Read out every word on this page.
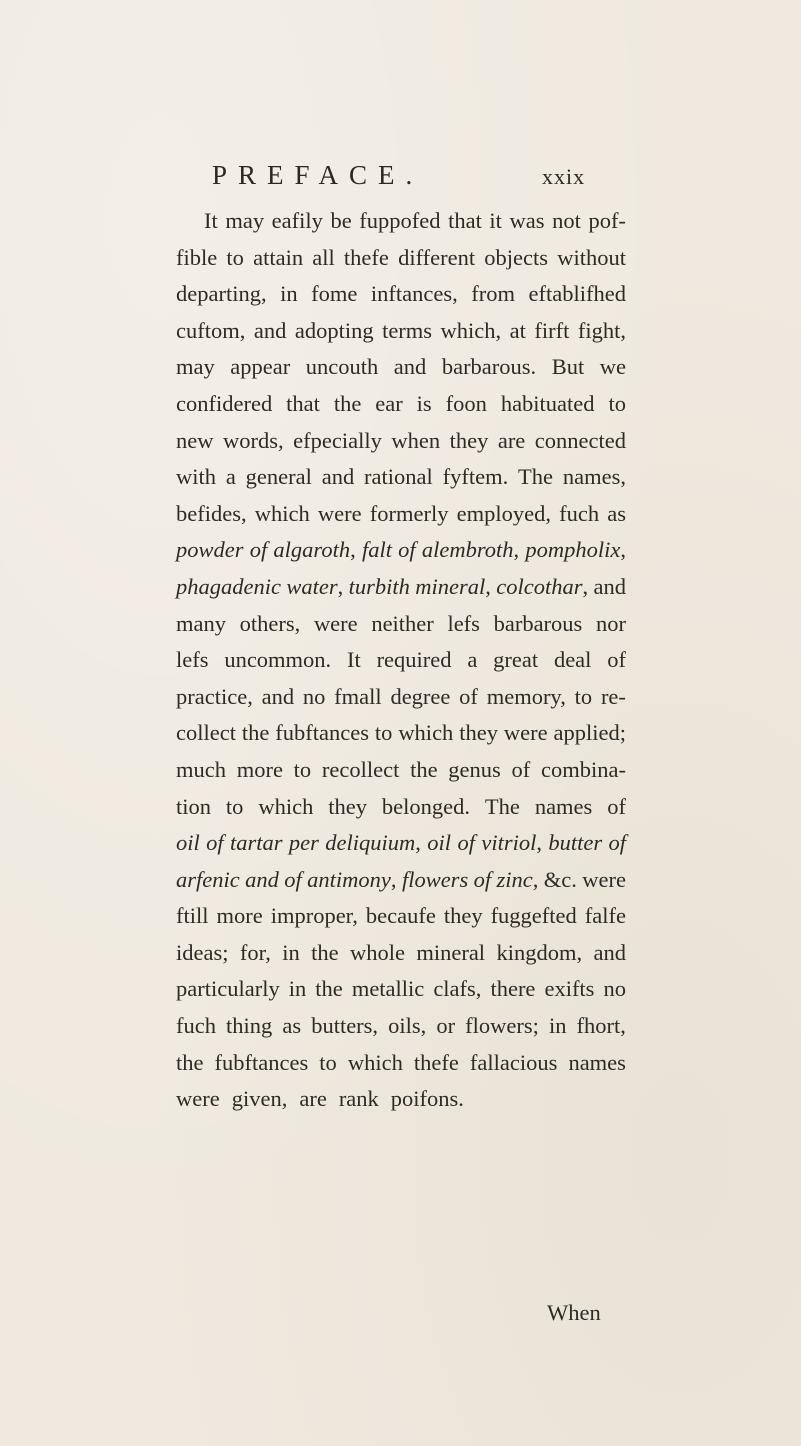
PREFACE.	xxix
It may eafily be fuppofed that it was not pof-
fible to attain all thefe different objects without
departing, in fome inftances, from eftablifhed
cuftom, and adopting terms which, at firft fight,
may appear uncouth and barbarous. But we
confidered that the ear is foon habituated to
new words, efpecially when they are connected
with a general and rational fyftem. The names,
befides, which were formerly employed, fuch as
powder of algaroth, falt of alembroth, pompholix,
phagadenic water, turbith mineral, colcothar, and
many others, were neither lefs barbarous nor
lefs uncommon. It required a great deal of
practice, and no fmall degree of memory, to re-
collect the fubftances to which they were applied;
much more to recollect the genus of combina-
tion to which they belonged. The names of
oil of tartar per deliquium, oil of vitriol, butter of
arfenic and of antimony, flowers of zinc, &c. were
ftill more improper, becaufe they fuggefted falfe
ideas; for, in the whole mineral kingdom, and
particularly in the metallic clafs, there exifts no
fuch thing as butters, oils, or flowers; in fhort,
the fubftances to which thefe fallacious names
were given, are rank poifons.
When
